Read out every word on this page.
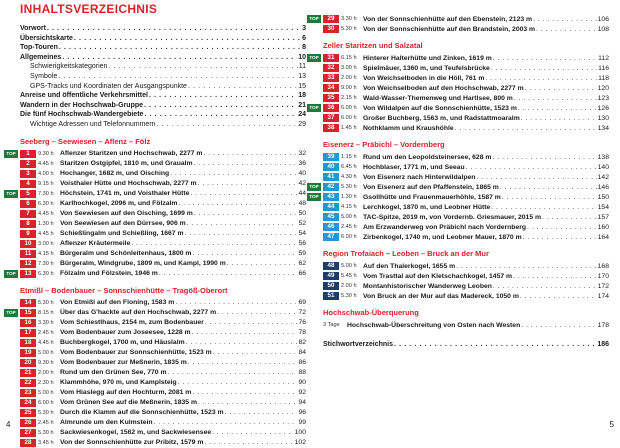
INHALTSVERZEICHNIS
Vorwort . . .	3
Übersichtskarte . . .	6
Top-Touren . . .	8
Allgemeines . . .	10
Schwierigkeitskategorien . . .	11
Symbole . . .	13
GPS-Tracks und Koordinaten der Ausgangspunkte . . .	15
Anreise und öffentliche Verkehrsmittel . . .	18
Wandern in der Hochschwab-Gruppe . . .	21
Die fünf Hochschwab-Wandergebiete . . .	24
Wichtige Adressen und Telefonnummern . . .	29
Seeberg – Seewiesen – Aflenz – Fölz
TOP	1	9.30 h Aflenzer Staritzen und Hochschwab, 2277 m . . .	32
2	4.45 h Staritzen Ostgipfel, 1810 m, und Graualm . . .	36
3	4.00 h Hochanger, 1682 m, und Oisching . . .	40
4	9.15 h Voisthaler Hütte und Hochschwab, 2277 m . . .	42
TOP	5	7.30 h Höchstein, 1741 m, und Voisthaler Hütte . . .	44
6	6.30 h Karlhochkogel, 2096 m, und Fölzalm . . .	48
7	4.45 h Von Seewiesen auf den Oisching, 1699 m . . .	50
8	1.30 h Von Seewiesen auf den Dürrsee, 906 m . . .	52
9	4.45 h Schießlingalm und Schießling, 1667 m . . .	54
10	3.00 h Aflenzer Kräutermeile . . .	56
11	4.15 h Bürgeralm und Schönleitenhaus, 1800 m . . .	59
12	7.30 h Bürgeralm, Windgrube, 1809 m, und Kampl, 1990 m . . .	62
TOP	13	6.30 h Fölzalm und Fölzstein, 1946 m . . .	66
Etmißl – Bodenbauer – Sonnschienhütte – Tragöß-Oberort
14	5.30 h Von Etmißl auf den Floning, 1583 m . . .	69
TOP	15	8.15 h Über das G'hackte auf den Hochschwab, 2277 m . . .	72
16	3.30 h Vom Schiestlhaus, 2154 m, zum Bodenbauer . . .	76
17	2.45 h Vom Bodenbauer zum Joseesee, 1228 m . . .	78
18	4.45 h Buchbergkogel, 1700 m, und Häuslalm . . .	82
19	5.00 h Vom Bodenbauer zur Sonnschienhütte, 1523 m . . .	84
20	9.30 h Vom Bodenbauer zur Meßnerin, 1835 m . . .	86
21	2.00 h Rund um den Grünen See, 770 m . . .	88
22	2.30 h Klammhöhe, 970 m, und Kamplsteig . . .	90
23	5.00 h Vom Hiaslegg auf den Hochturm, 2081 m . . .	92
24	6.00 h Vom Grünen See auf die Meßnerin, 1835 m . . .	94
25	5.30 h Durch die Klamm auf die Sonnschienhütte, 1523 m . . .	96
26	2.45 h Almrunde um den Kulmstein . . .	99
27	5.30 h Sackwiesenkogel, 1562 m, und Sackwiesensee . . .	100
28	3.45 h Von der Sonnschienhütte zur Pribitz, 1579 m . . .	102
TOP	29	3.30 h Von der Sonnschienhütte auf den Ebenstein, 2123 m . . .	106
30	5.30 h Von der Sonnschienhütte auf den Brandstein, 2003 m . . .	108
Zeller Staritzen und Salzatal
TOP	31	6.15 h Hinterer Halterhütte und Zinken, 1619 m . . .	112
32	3.00 h Spielmäuer, 1360 m, und Teufelsbrücke . . .	116
33	2.00 h Von Weichselboden in die Höll, 761 m . . .	118
34	9.00 h Von Weichselboden auf den Hochschwab, 2277 m . . .	120
35	2.15 h Wald-Wasser-Themenweg und Hartlsee, 800 m . . .	123
TOP	36	6.00 h Von Wildalpen auf die Sonnschienhütte, 1523 m . . .	126
37	6.00 h Großer Buchberg, 1563 m, und Radstattmoaralm . . .	130
38	1.45 h Nothklamm und Kraushöhle . . .	134
Eisenerz – Präbichl – Vordernberg
39	1.15 h Rund um den Leopoldsteinersee, 628 m . . .	138
40	6.45 h Hochblaser, 1771 m, und Seeau . . .	140
41	4.30 h Von Eisenerz nach Hinterwildalpen . . .	142
TOP	42	5.30 h Von Eisenerz auf den Pfaffenstein, 1865 m . . .	146
TOP	43	1.30 h Gsollhütte und Frauenmauerhöhle, 1587 m . . .	150
44	4.15 h Lerchkogel, 1870 m, und Leobner Hütte . . .	154
45	5.00 h TAC-Spitze, 2019 m, von Vordernb. Griesmauer, 2015 m . . .	157
46	2.45 h Am Erzwanderweg von Präbichl nach Vordernberg . . .	160
47	6.00 h Zirbenkogel, 1740 m, und Leobner Mauer, 1870 m . . .	164
Region Trofaiach – Leoben – Bruck an der Mur
48	5.00 h Auf den Thalerkogel, 1655 m . . .	168
49	5.45 h Vom Trasttal auf den Kletschachkogel, 1457 m . . .	170
50	2.00 h Montanhistorischer Wanderweg Leoben . . .	172
51	5.30 h Von Bruck an der Mur auf das Madereck, 1050 m . . .	174
Hochschwab-Überquerung
3 Tage	Hochschwab-Überschreitung von Osten nach Westen . . .	178
Stichwortverzeichnis . . .	186
4	5
